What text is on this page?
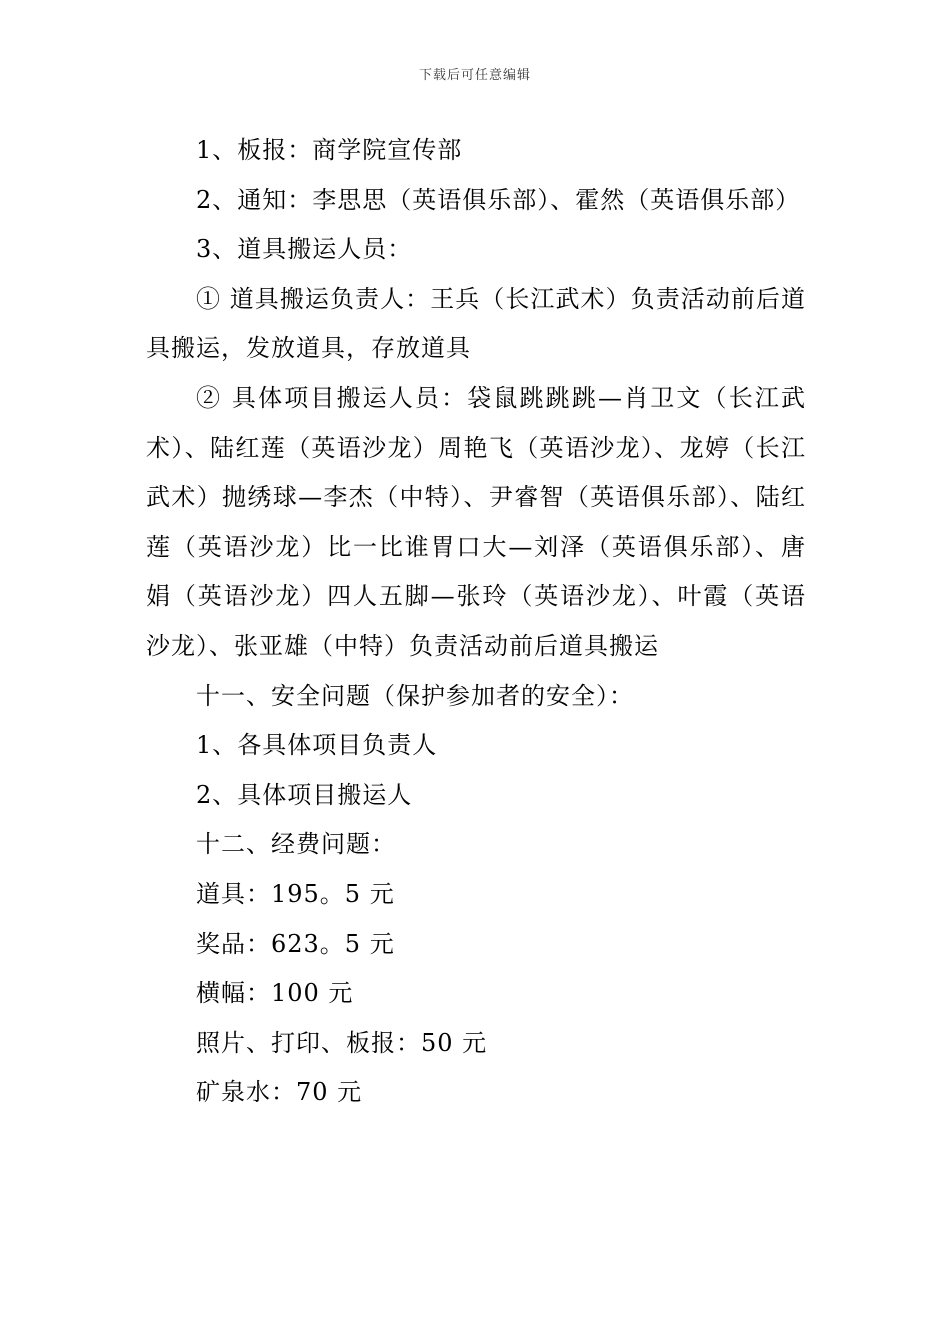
下载后可任意编辑

1、板报：商学院宣传部

2、通知：李思思（英语俱乐部）、霍然（英语俱乐部）

3、道具搬运人员：

① 道具搬运负责人：王兵（长江武术）负责活动前后道具搬运，发放道具，存放道具

② 具体项目搬运人员：袋鼠跳跳跳—肖卫文（长江武术）、陆红莲（英语沙龙）周艳飞（英语沙龙）、龙婷（长江武术）抛绣球—李杰（中特）、尹睿智（英语俱乐部）、陆红莲（英语沙龙）比一比谁胃口大—刘泽（英语俱乐部）、唐娟（英语沙龙）四人五脚—张玲（英语沙龙）、叶霞（英语沙龙）、张亚雄（中特）负责活动前后道具搬运

十一、安全问题（保护参加者的安全）：

1、各具体项目负责人

2、具体项目搬运人

十二、经费问题：

道具：195。5 元

奖品：623。5 元

横幅：100 元

照片、打印、板报：50 元

矿泉水：70 元
